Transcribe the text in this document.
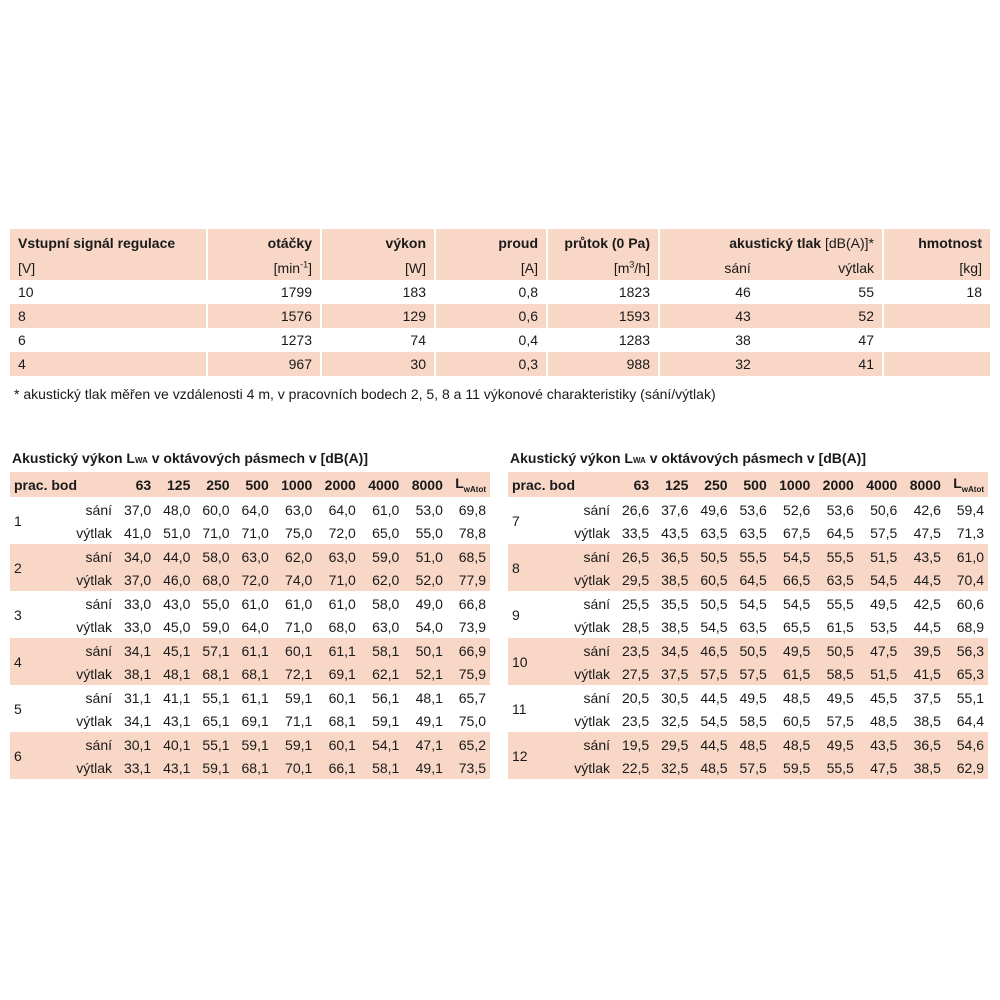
Vstupní signál regulace	otáčky	výkon	proud	průtok (0 Pa)	akustický tlak [dB(A)]*		hmotnost
[V]	$[\min^{-1}]$	[W]	[A]	$[m^3/h]$	sání	výtlak	[kg]
10	1799	183	0,8	1823	46	55	18
8	1576	129	0,6	1593	43	52	
6	1273	74	0,4	1283	38	47	
4	967	30	0,3	988	32	41	
* akustický tlak měřen ve vzdálenosti 4 m, v pracovních bodech 2, 5, 8 a 11 výkonové charakteristiky (sání/výtlak)
Akustický výkon LWA v oktávových pásmech v [dB(A)]	Akustický výkon LWA v oktávových pásmech v [dB(A)]
prac. bod		63	125	250	500	1000	2000	4000	8000	$L_{wAtot}$
1	sání	37,0	48,0	60,0	64,0	63,0	64,0	61,0	53,0	69,8
	výtlak	41,0	51,0	71,0	71,0	75,0	72,0	65,0	55,0	78,8
2	sání	34,0	44,0	58,0	63,0	62,0	63,0	59,0	51,0	68,5
	výtlak	37,0	46,0	68,0	72,0	74,0	71,0	62,0	52,0	77,9
3	sání	33,0	43,0	55,0	61,0	61,0	61,0	58,0	49,0	66,8
	výtlak	33,0	45,0	59,0	64,0	71,0	68,0	63,0	54,0	73,9
4	sání	34,1	45,1	57,1	61,1	60,1	61,1	58,1	50,1	66,9
	výtlak	38,1	48,1	68,1	68,1	72,1	69,1	62,1	52,1	75,9
5	sání	31,1	41,1	55,1	61,1	59,1	60,1	56,1	48,1	65,7
	výtlak	34,1	43,1	65,1	69,1	71,1	68,1	59,1	49,1	75,0
6	sání	30,1	40,1	55,1	59,1	59,1	60,1	54,1	47,1	65,2
	výtlak	33,1	43,1	59,1	68,1	70,1	66,1	58,1	49,1	73,5
prac. bod		63	125	250	500	1000	2000	4000	8000	$L_{wAtot}$
7	sání	26,6	37,6	49,6	53,6	52,6	53,6	50,6	42,6	59,4
	výtlak	33,5	43,5	63,5	63,5	67,5	64,5	57,5	47,5	71,3
8	sání	26,5	36,5	50,5	55,5	54,5	55,5	51,5	43,5	61,0
	výtlak	29,5	38,5	60,5	64,5	66,5	63,5	54,5	44,5	70,4
9	sání	25,5	35,5	50,5	54,5	54,5	55,5	49,5	42,5	60,6
	výtlak	28,5	38,5	54,5	63,5	65,5	61,5	53,5	44,5	68,9
10	sání	23,5	34,5	46,5	50,5	49,5	50,5	47,5	39,5	56,3
	výtlak	27,5	37,5	57,5	57,5	61,5	58,5	51,5	41,5	65,3
11	sání	20,5	30,5	44,5	49,5	48,5	49,5	45,5	37,5	55,1
	výtlak	23,5	32,5	54,5	58,5	60,5	57,5	48,5	38,5	64,4
12	sání	19,5	29,5	44,5	48,5	48,5	49,5	43,5	36,5	54,6
	výtlak	22,5	32,5	48,5	57,5	59,5	55,5	47,5	38,5	62,9
